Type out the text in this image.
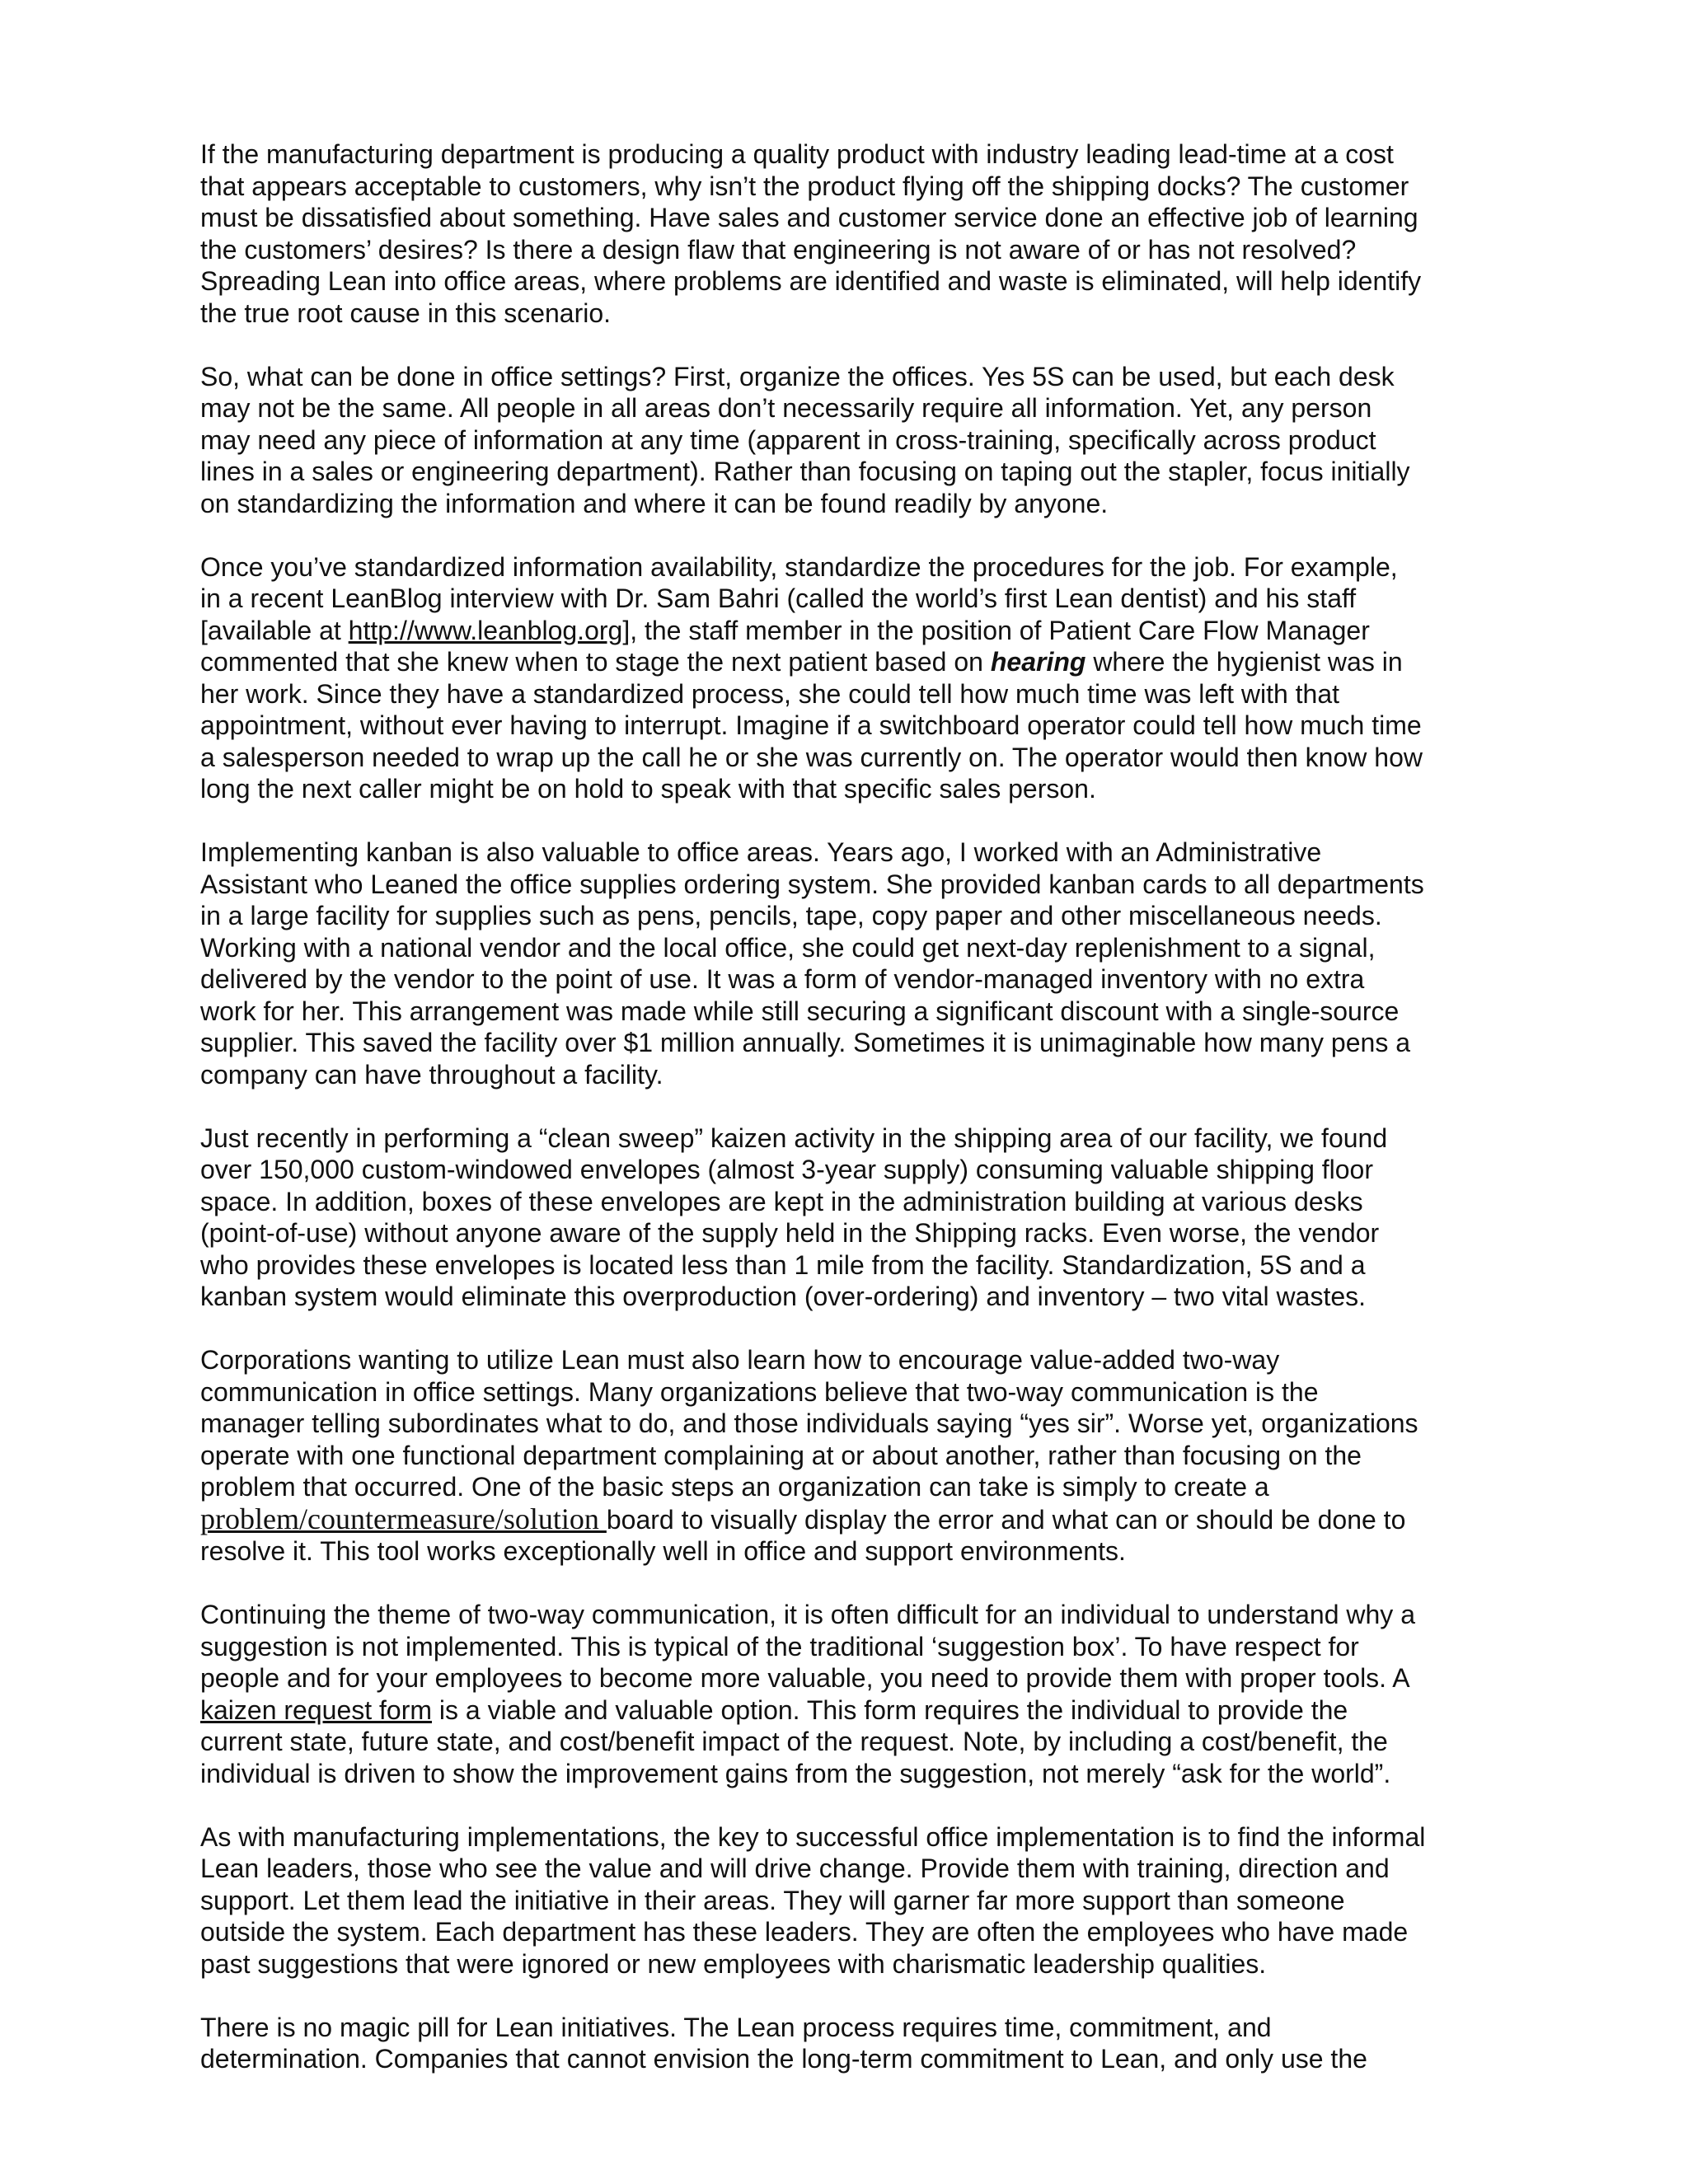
If the manufacturing department is producing a quality product with industry leading lead-time at a cost
that appears acceptable to customers, why isn’t the product flying off the shipping docks? The customer
must be dissatisfied about something. Have sales and customer service done an effective job of learning
the customers’ desires? Is there a design flaw that engineering is not aware of or has not resolved?
Spreading Lean into office areas, where problems are identified and waste is eliminated, will help identify
the true root cause in this scenario.

So, what can be done in office settings? First, organize the offices. Yes 5S can be used, but each desk
may not be the same. All people in all areas don’t necessarily require all information. Yet, any person
may need any piece of information at any time (apparent in cross-training, specifically across product
lines in a sales or engineering department). Rather than focusing on taping out the stapler, focus initially
on standardizing the information and where it can be found readily by anyone.

Once you’ve standardized information availability, standardize the procedures for the job. For example,
in a recent LeanBlog interview with Dr. Sam Bahri (called the world’s first Lean dentist) and his staff
[available at http://www.leanblog.org], the staff member in the position of Patient Care Flow Manager
commented that she knew when to stage the next patient based on hearing where the hygienist was in
her work. Since they have a standardized process, she could tell how much time was left with that
appointment, without ever having to interrupt. Imagine if a switchboard operator could tell how much time
a salesperson needed to wrap up the call he or she was currently on. The operator would then know how
long the next caller might be on hold to speak with that specific sales person.

Implementing kanban is also valuable to office areas. Years ago, I worked with an Administrative
Assistant who Leaned the office supplies ordering system. She provided kanban cards to all departments
in a large facility for supplies such as pens, pencils, tape, copy paper and other miscellaneous needs.
Working with a national vendor and the local office, she could get next-day replenishment to a signal,
delivered by the vendor to the point of use. It was a form of vendor-managed inventory with no extra
work for her. This arrangement was made while still securing a significant discount with a single-source
supplier. This saved the facility over $1 million annually. Sometimes it is unimaginable how many pens a
company can have throughout a facility.

Just recently in performing a “clean sweep” kaizen activity in the shipping area of our facility, we found
over 150,000 custom-windowed envelopes (almost 3-year supply) consuming valuable shipping floor
space. In addition, boxes of these envelopes are kept in the administration building at various desks
(point-of-use) without anyone aware of the supply held in the Shipping racks. Even worse, the vendor
who provides these envelopes is located less than 1 mile from the facility. Standardization, 5S and a
kanban system would eliminate this overproduction (over-ordering) and inventory – two vital wastes.

Corporations wanting to utilize Lean must also learn how to encourage value-added two-way
communication in office settings. Many organizations believe that two-way communication is the
manager telling subordinates what to do, and those individuals saying “yes sir”. Worse yet, organizations
operate with one functional department complaining at or about another, rather than focusing on the
problem that occurred. One of the basic steps an organization can take is simply to create a
problem/countermeasure/solution board to visually display the error and what can or should be done to
resolve it. This tool works exceptionally well in office and support environments.

Continuing the theme of two-way communication, it is often difficult for an individual to understand why a
suggestion is not implemented. This is typical of the traditional ‘suggestion box’. To have respect for
people and for your employees to become more valuable, you need to provide them with proper tools. A
kaizen request form is a viable and valuable option. This form requires the individual to provide the
current state, future state, and cost/benefit impact of the request. Note, by including a cost/benefit, the
individual is driven to show the improvement gains from the suggestion, not merely “ask for the world”.

As with manufacturing implementations, the key to successful office implementation is to find the informal
Lean leaders, those who see the value and will drive change. Provide them with training, direction and
support. Let them lead the initiative in their areas. They will garner far more support than someone
outside the system. Each department has these leaders. They are often the employees who have made
past suggestions that were ignored or new employees with charismatic leadership qualities.

There is no magic pill for Lean initiatives. The Lean process requires time, commitment, and
determination. Companies that cannot envision the long-term commitment to Lean, and only use the
